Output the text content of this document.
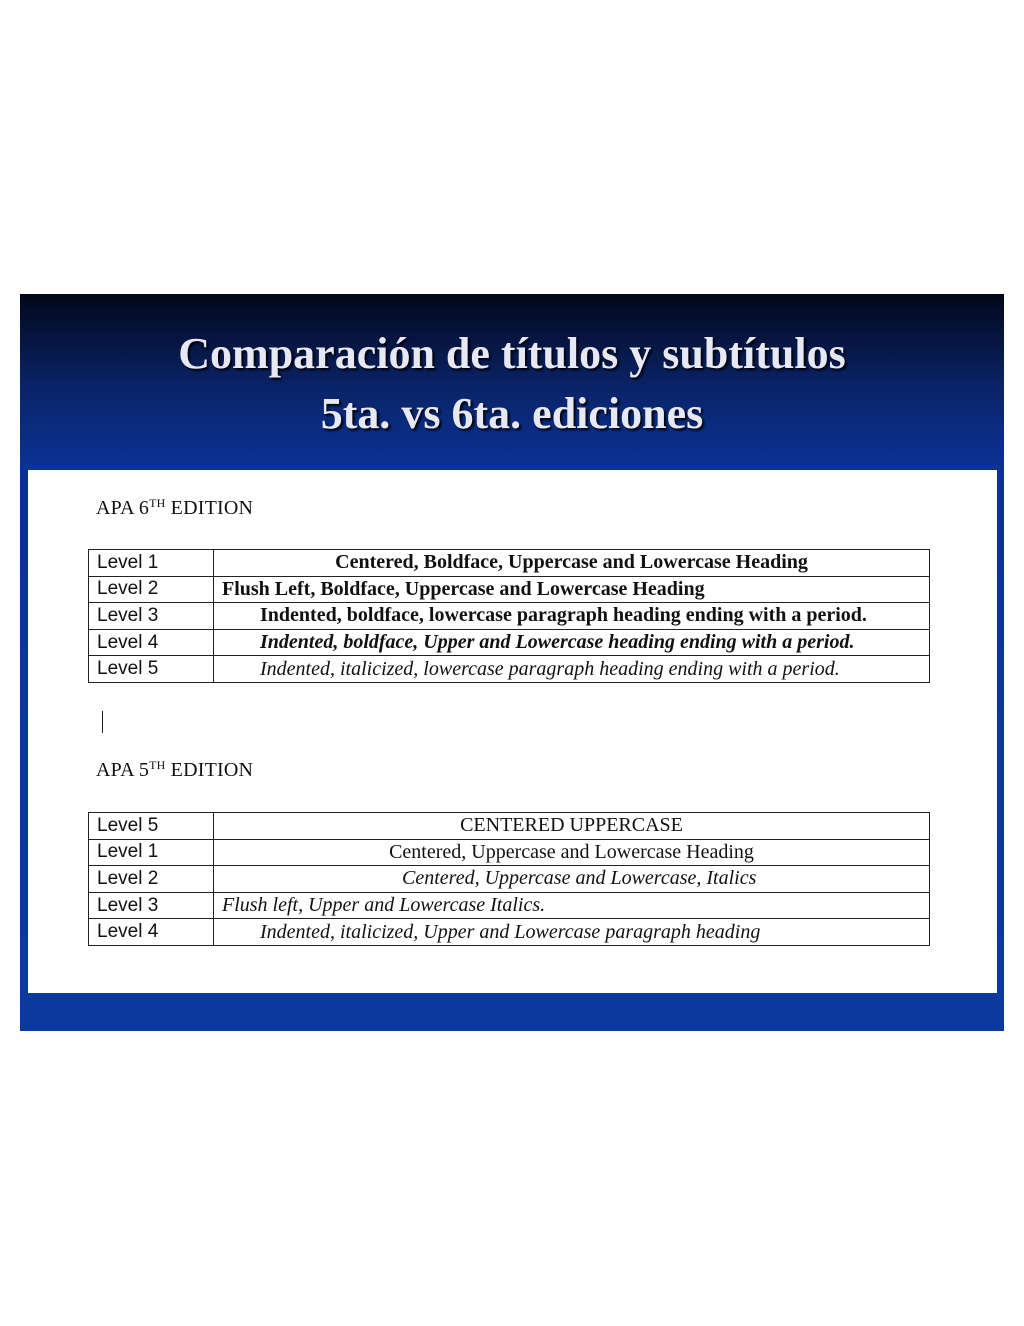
Comparación de títulos y subtítulos
5ta. vs 6ta. ediciones
APA 6TH EDITION
Level 1	Centered, Boldface, Uppercase and Lowercase Heading
Level 2	Flush Left, Boldface, Uppercase and Lowercase Heading
Level 3	Indented, boldface, lowercase paragraph heading ending with a period.
Level 4	Indented, boldface, Upper and Lowercase heading ending with a period.
Level 5	Indented, italicized, lowercase paragraph heading ending with a period.
APA 5TH EDITION
Level 5	CENTERED UPPERCASE
Level 1	Centered, Uppercase and Lowercase Heading
Level 2	Centered, Uppercase and Lowercase, Italics
Level 3	Flush left, Upper and Lowercase Italics.
Level 4	Indented, italicized, Upper and Lowercase paragraph heading
